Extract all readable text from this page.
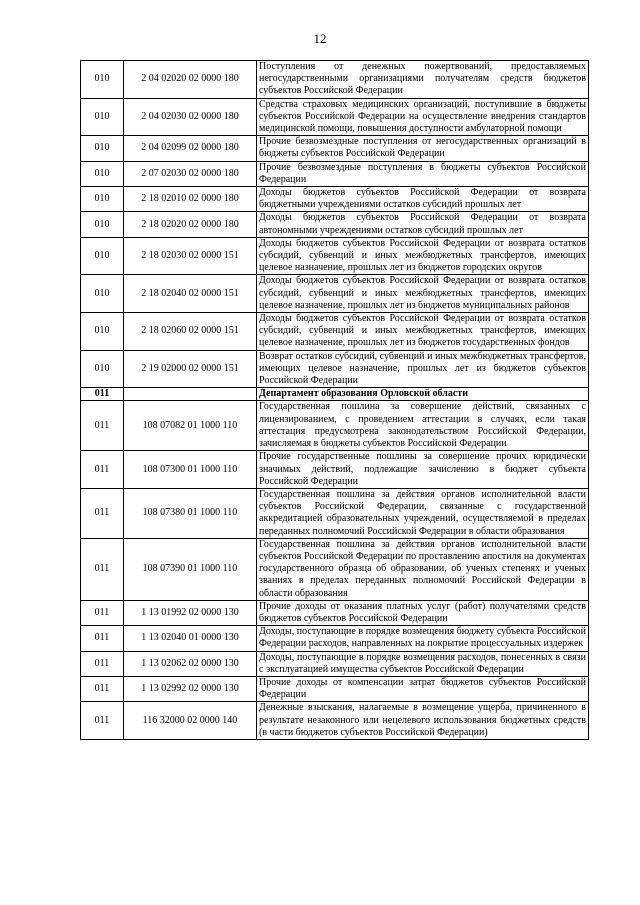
12
010	2 04 02020 02 0000 180	Поступления от денежных пожертвований, предоставляемых негосударственными организациями получателям средств бюджетов субъектов Российской Федерации
010	2 04 02030 02 0000 180	Средства страховых медицинских организаций, поступившие в бюджеты субъектов Российской Федерации на осуществление внедрения стандартов медицинской помощи, повышения доступности амбулаторной помощи
010	2 04 02099 02 0000 180	Прочие безвозмездные поступления от негосударственных организаций в бюджеты субъектов Российской Федерации
010	2 07 02030 02 0000 180	Прочие безвозмездные поступления в бюджеты субъектов Российской Федерации
010	2 18 02010 02 0000 180	Доходы бюджетов субъектов Российской Федерации от возврата бюджетными учреждениями остатков субсидий прошлых лет
010	2 18 02020 02 0000 180	Доходы бюджетов субъектов Российской Федерации от возврата автономными учреждениями остатков субсидий прошлых лет
010	2 18 02030 02 0000 151	Доходы бюджетов субъектов Российской Федерации от возврата остатков субсидий, субвенций и иных межбюджетных трансфертов, имеющих целевое назначение, прошлых лет из бюджетов городских округов
010	2 18 02040 02 0000 151	Доходы бюджетов субъектов Российской Федерации от возврата остатков субсидий, субвенций и иных межбюджетных трансфертов, имеющих целевое назначение, прошлых лет из бюджетов муниципальных районов
010	2 18 02060 02 0000 151	Доходы бюджетов субъектов Российской Федерации от возврата остатков субсидий, субвенций и иных межбюджетных трансфертов, имеющих целевое назначение, прошлых лет из бюджетов государственных фондов
010	2 19 02000 02 0000 151	Возврат остатков субсидий, субвенций и иных межбюджетных трансфертов, имеющих целевое назначение, прошлых лет из бюджетов субъектов Российской Федерации
011		Департамент образования Орловской области
011	108 07082 01 1000 110	Государственная пошлина за совершение действий, связанных с лицензированием, с проведением аттестации в случаях, если такая аттестация предусмотрена законодательством Российской Федерации, зачисляемая в бюджеты субъектов Российской Федерации
011	108 07300 01 1000 110	Прочие государственные пошлины за совершение прочих юридически значимых действий, подлежащие зачислению в бюджет субъекта Российской Федерации
011	108 07380 01 1000 110	Государственная пошлина за действия органов исполнительной власти субъектов Российской Федерации, связанные с государственной аккредитацией образовательных учреждений, осуществляемой в пределах переданных полномочий Российской Федерации в области образования
011	108 07390 01 1000 110	Государственная пошлина за действия органов исполнительной власти субъектов Российской Федерации по проставлению апостиля на документах государственного образца об образовании, об ученых степенях и ученых званиях в пределах переданных полномочий Российской Федерации в области образования
011	1 13 01992 02 0000 130	Прочие доходы от оказания платных услуг (работ) получателями средств бюджетов субъектов Российской Федерации
011	1 13 02040 01 0000 130	Доходы, поступающие в порядке возмещения бюджету субъекта Российской Федерации расходов, направленных на покрытие процессуальных издержек
011	1 13 02062 02 0000 130	Доходы, поступающие в порядке возмещения расходов, понесенных в связи с эксплуатацией имущества субъектов Российской Федерации
011	1 13 02992 02 0000 130	Прочие доходы от компенсации затрат бюджетов субъектов Российской Федерации
011	116 32000 02 0000 140	Денежные взыскания, налагаемые в возмещение ущерба, причиненного в результате незаконного или нецелевого использования бюджетных средств (в части бюджетов субъектов Российской Федерации)
